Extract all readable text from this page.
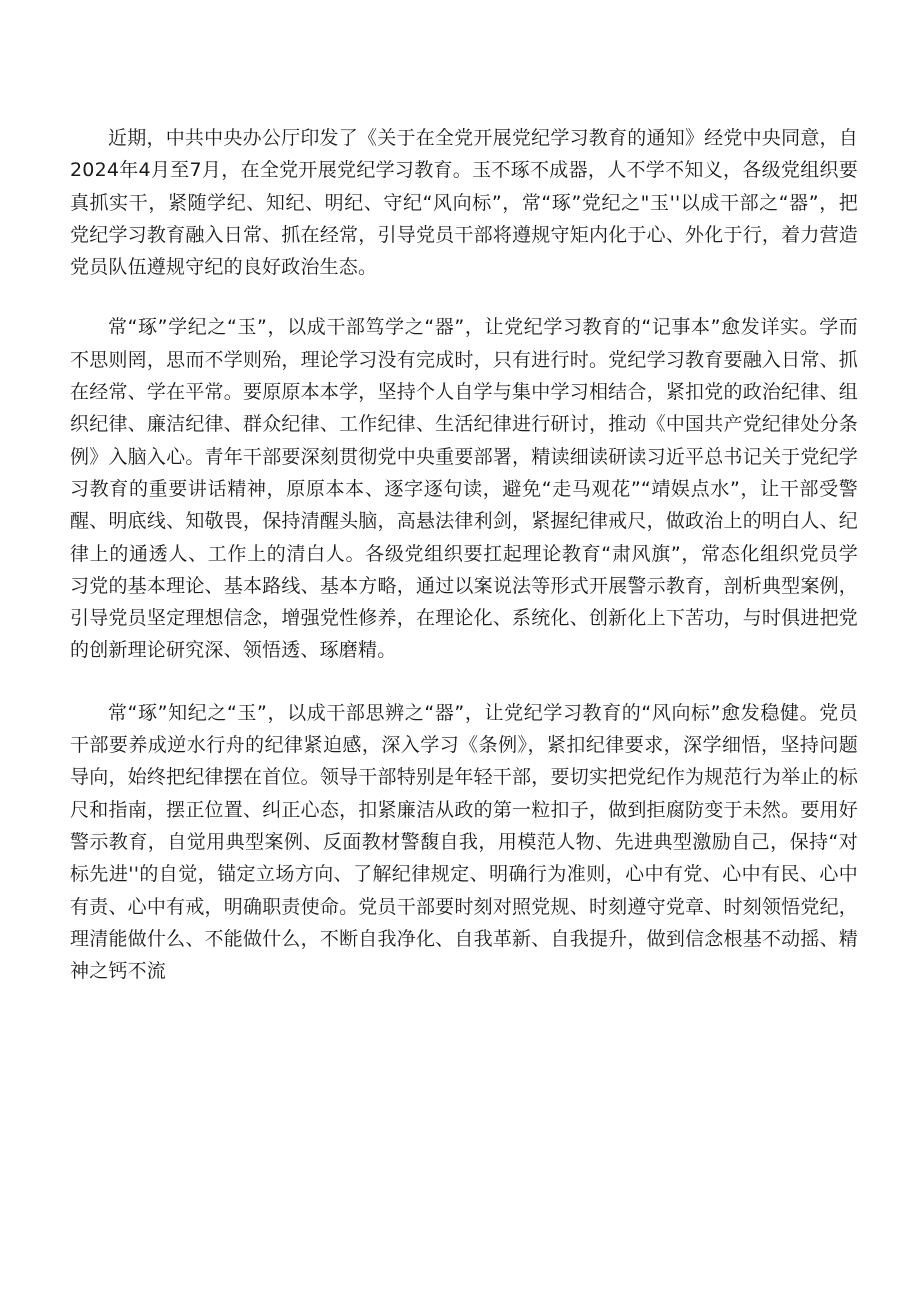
近期，中共中央办公厅印发了《关于在全党开展党纪学习教育的通知》经党中央同意，自2024年4月至7月，在全党开展党纪学习教育。玉不琢不成器，人不学不知义，各级党组织要真抓实干，紧随学纪、知纪、明纪、守纪“风向标”，常“琢”党纪之"玉''以成干部之“器”，把党纪学习教育融入日常、抓在经常，引导党员干部将遵规守矩内化于心、外化于行，着力营造党员队伍遵规守纪的良好政治生态。

常“琢”学纪之“玉”，以成干部笃学之“器”，让党纪学习教育的“记事本”愈发详实。学而不思则罔，思而不学则殆，理论学习没有完成时，只有进行时。党纪学习教育要融入日常、抓在经常、学在平常。要原原本本学，坚持个人自学与集中学习相结合，紧扣党的政治纪律、组织纪律、廉洁纪律、群众纪律、工作纪律、生活纪律进行研讨，推动《中国共产党纪律处分条例》入脑入心。青年干部要深刻贯彻党中央重要部署，精读细读研读习近平总书记关于党纪学习教育的重要讲话精神，原原本本、逐字逐句读，避免“走马观花”“靖娱点水”，让干部受警醒、明底线、知敬畏，保持清醒头脑，高悬法律利剑，紧握纪律戒尺，做政治上的明白人、纪律上的通透人、工作上的清白人。各级党组织要扛起理论教育“肃风旗”，常态化组织党员学习党的基本理论、基本路线、基本方略，通过以案说法等形式开展警示教育，剖析典型案例，引导党员坚定理想信念，增强党性修养，在理论化、系统化、创新化上下苦功，与时俱进把党的创新理论研究深、领悟透、琢磨精。

常“琢”知纪之“玉”，以成干部思辨之“器”，让党纪学习教育的“风向标”愈发稳健。党员干部要养成逆水行舟的纪律紧迫感，深入学习《条例》，紧扣纪律要求，深学细悟，坚持问题导向，始终把纪律摆在首位。领导干部特别是年轻干部，要切实把党纪作为规范行为举止的标尺和指南，摆正位置、纠正心态，扣紧廉洁从政的第一粒扣子，做到拒腐防变于未然。要用好警示教育，自觉用典型案例、反面教材警馥自我，用模范人物、先进典型激励自己，保持“对标先进''的自觉，锚定立场方向、了解纪律规定、明确行为准则，心中有党、心中有民、心中有责、心中有戒，明确职责使命。党员干部要时刻对照党规、时刻遵守党章、时刻领悟党纪，理清能做什么、不能做什么，不断自我净化、自我革新、自我提升，做到信念根基不动摇、精神之钙不流
